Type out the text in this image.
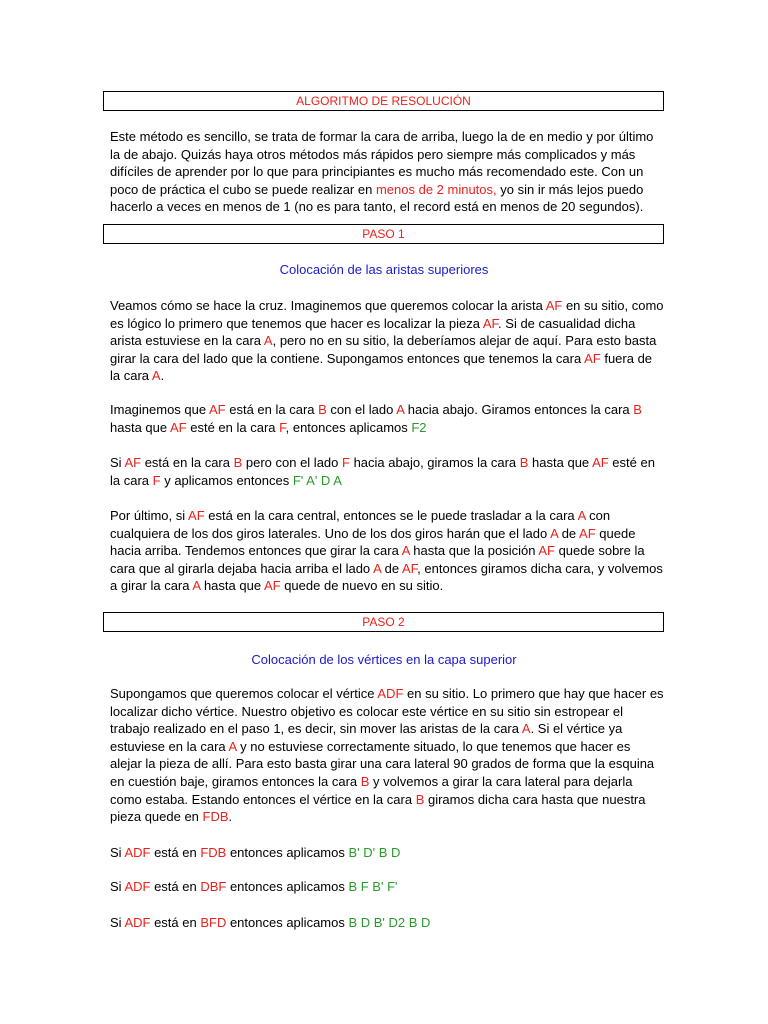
ALGORITMO DE RESOLUCIÓN
Este método es sencillo, se trata de formar la cara de arriba, luego la de en medio y por último la de abajo. Quizás haya otros métodos más rápidos pero siempre más complicados y más difíciles de aprender por lo que para principiantes es mucho más recomendado este. Con un poco de práctica el cubo se puede realizar en menos de 2 minutos, yo sin ir más lejos puedo hacerlo a veces en menos de 1 (no es para tanto, el record está en menos de 20 segundos).
PASO 1
Colocación de las aristas superiores
Veamos cómo se hace la cruz. Imaginemos que queremos colocar la arista AF en su sitio, como es lógico lo primero que tenemos que hacer es localizar la pieza AF. Si de casualidad dicha arista estuviese en la cara A, pero no en su sitio, la deberíamos alejar de aquí. Para esto basta girar la cara del lado que la contiene. Supongamos entonces que tenemos la cara AF fuera de la cara A.
Imaginemos que AF está en la cara B con el lado A hacia abajo. Giramos entonces la cara B hasta que AF esté en la cara F, entonces aplicamos F2
Si AF está en la cara B pero con el lado F hacia abajo, giramos la cara B hasta que AF esté en la cara F y aplicamos entonces F' A' D A
Por último, si AF está en la cara central, entonces se le puede trasladar a la cara A con cualquiera de los dos giros laterales. Uno de los dos giros harán que el lado A de AF quede hacia arriba. Tendemos entonces que girar la cara A hasta que la posición AF quede sobre la cara que al girarla dejaba hacia arriba el lado A de AF, entonces giramos dicha cara, y volvemos a girar la cara A hasta que AF quede de nuevo en su sitio.
PASO 2
Colocación de los vértices en la capa superior
Supongamos que queremos colocar el vértice ADF en su sitio. Lo primero que hay que hacer es localizar dicho vértice. Nuestro objetivo es colocar este vértice en su sitio sin estropear el trabajo realizado en el paso 1, es decir, sin mover las aristas de la cara A. Si el vértice ya estuviese en la cara A y no estuviese correctamente situado, lo que tenemos que hacer es alejar la pieza de allí. Para esto basta girar una cara lateral 90 grados de forma que la esquina en cuestión baje, giramos entonces la cara B y volvemos a girar la cara lateral para dejarla como estaba. Estando entonces el vértice en la cara B giramos dicha cara hasta que nuestra pieza quede en FDB.
Si ADF está en FDB entonces aplicamos B' D' B D
Si ADF está en DBF entonces aplicamos B F B' F'
Si ADF está en BFD entonces aplicamos B D B' D2 B D
